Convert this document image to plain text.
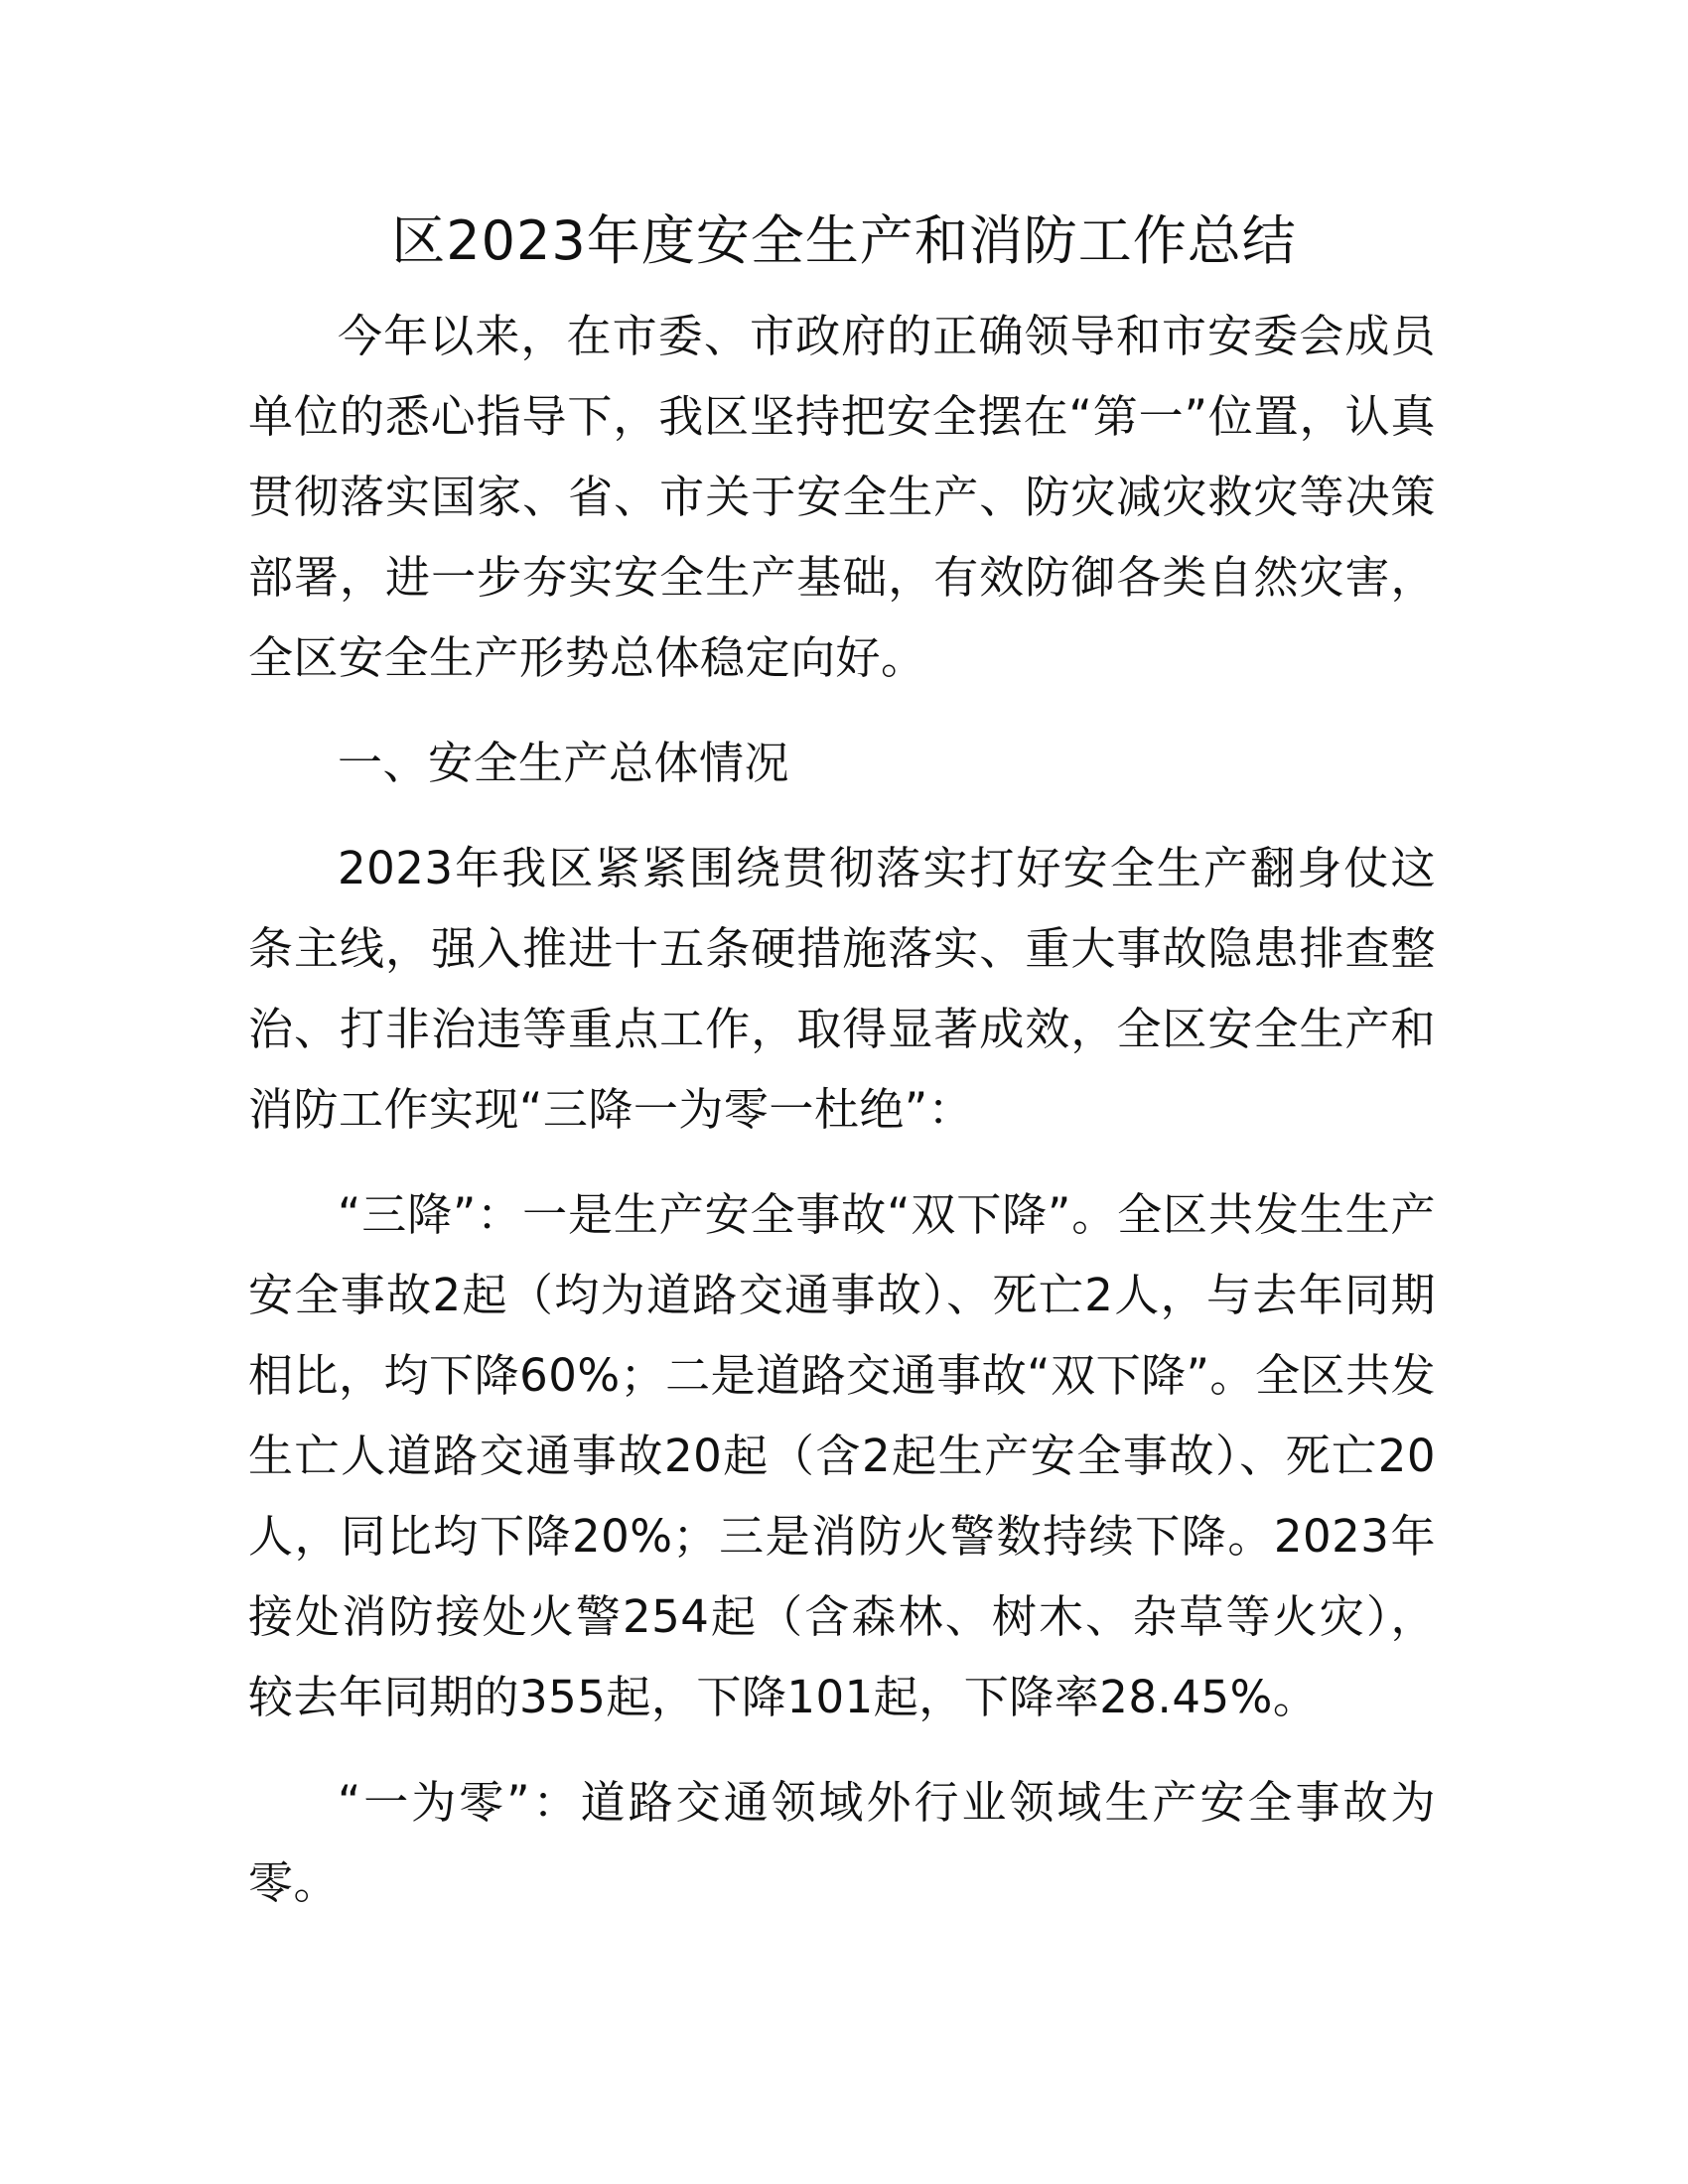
区2023年度安全生产和消防工作总结

今年以来，在市委、市政府的正确领导和市安委会成员单位的悉心指导下，我区坚持把安全摆在“第一”位置，认真贯彻落实国家、省、市关于安全生产、防灾减灾救灾等决策部署，进一步夯实安全生产基础，有效防御各类自然灾害，全区安全生产形势总体稳定向好。

一、安全生产总体情况

2023年我区紧紧围绕贯彻落实打好安全生产翻身仗这条主线，强入推进十五条硬措施落实、重大事故隐患排查整治、打非治违等重点工作，取得显著成效，全区安全生产和消防工作实现“三降一为零一杜绝”：

“三降”：一是生产安全事故“双下降”。全区共发生生产安全事故2起（均为道路交通事故）、死亡2人，与去年同期相比，均下降60%；二是道路交通事故“双下降”。全区共发生亡人道路交通事故20起（含2起生产安全事故）、死亡20人，同比均下降20%；三是消防火警数持续下降。2023年接处消防接处火警254起（含森林、树木、杂草等火灾），较去年同期的355起，下降101起，下降率28.45%。

“一为零”：道路交通领域外行业领域生产安全事故为零。
